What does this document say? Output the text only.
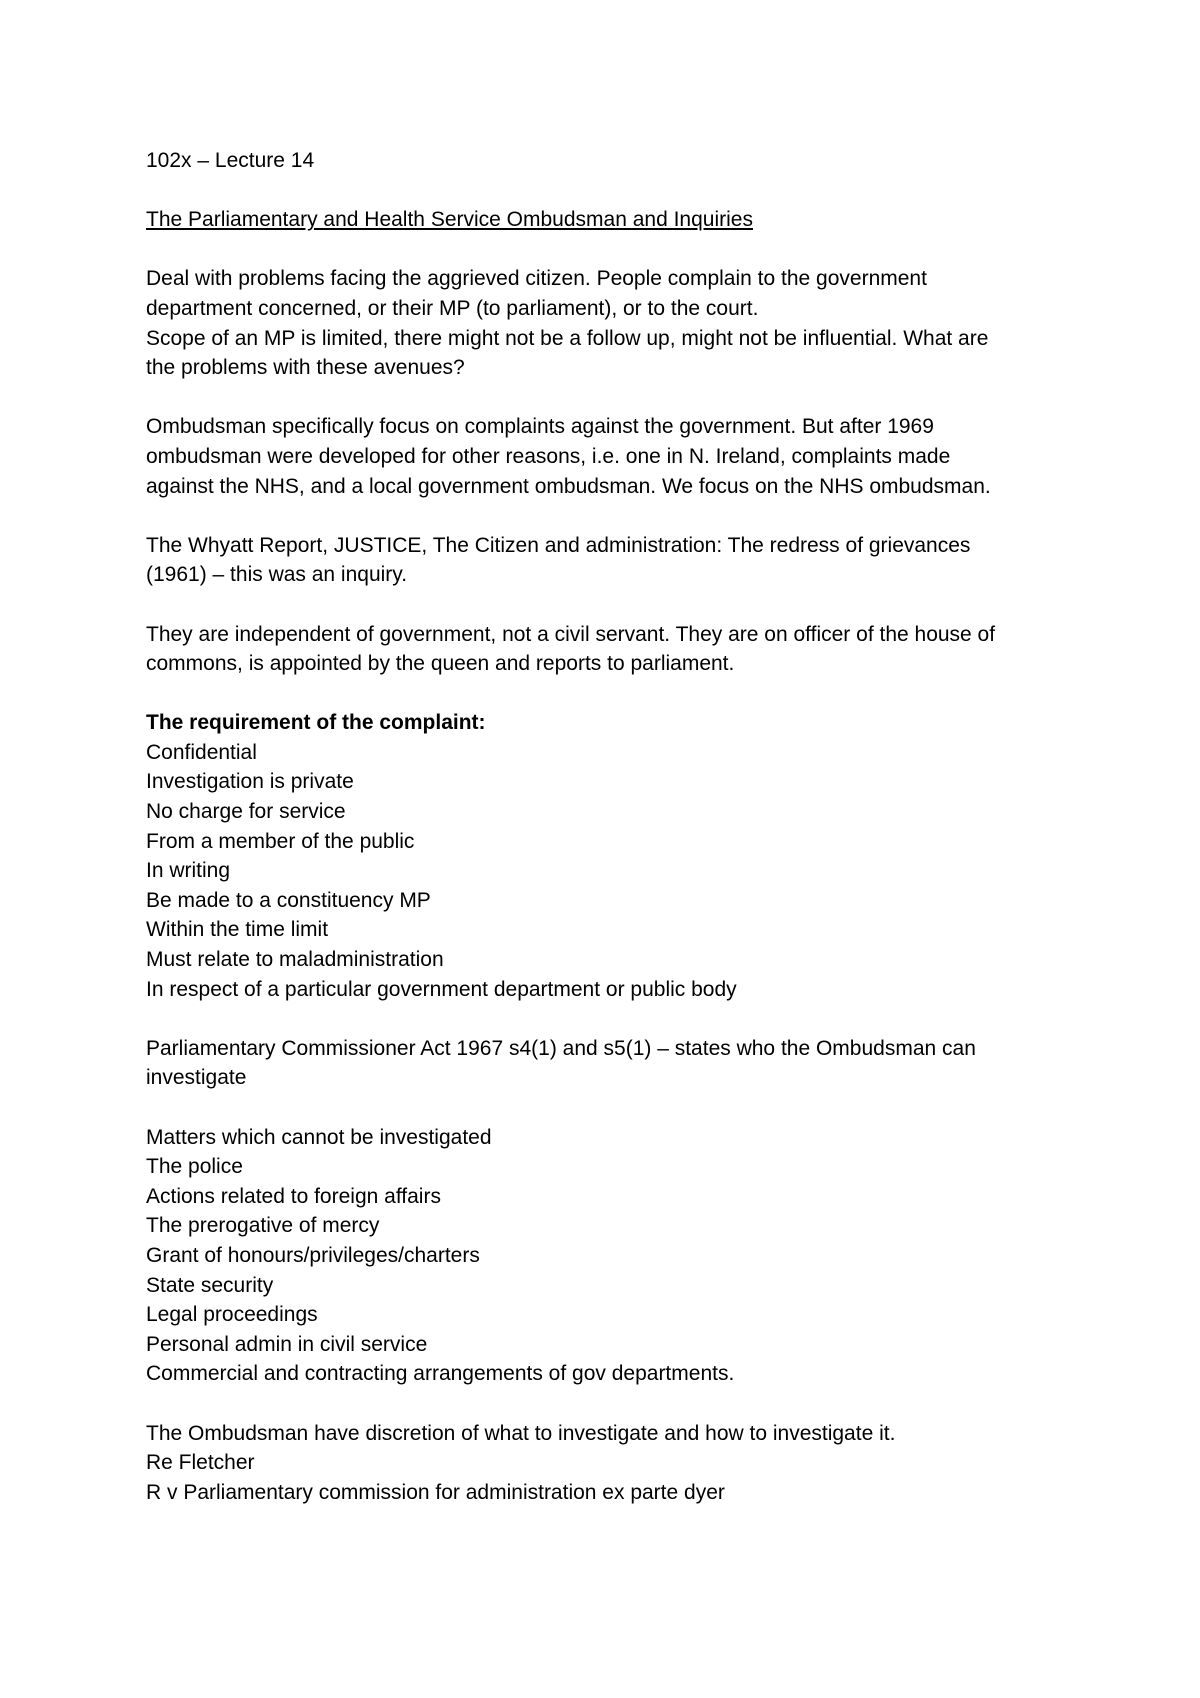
102x – Lecture 14
The Parliamentary and Health Service Ombudsman and Inquiries
Deal with problems facing the aggrieved citizen. People complain to the government
department concerned, or their MP (to parliament), or to the court.
Scope of an MP is limited, there might not be a follow up, might not be influential. What are
the problems with these avenues?
Ombudsman specifically focus on complaints against the government. But after 1969
ombudsman were developed for other reasons, i.e. one in N. Ireland, complaints made
against the NHS, and a local government ombudsman. We focus on the NHS ombudsman.
The Whyatt Report, JUSTICE, The Citizen and administration: The redress of grievances
(1961) – this was an inquiry.
They are independent of government, not a civil servant. They are on officer of the house of
commons, is appointed by the queen and reports to parliament.
The requirement of the complaint:
Confidential
Investigation is private
No charge for service
From a member of the public
In writing
Be made to a constituency MP
Within the time limit
Must relate to maladministration
In respect of a particular government department or public body
Parliamentary Commissioner Act 1967 s4(1) and s5(1) – states who the Ombudsman can
investigate
Matters which cannot be investigated
The police
Actions related to foreign affairs
The prerogative of mercy
Grant of honours/privileges/charters
State security
Legal proceedings
Personal admin in civil service
Commercial and contracting arrangements of gov departments.
The Ombudsman have discretion of what to investigate and how to investigate it.
Re Fletcher
R v Parliamentary commission for administration ex parte dyer
